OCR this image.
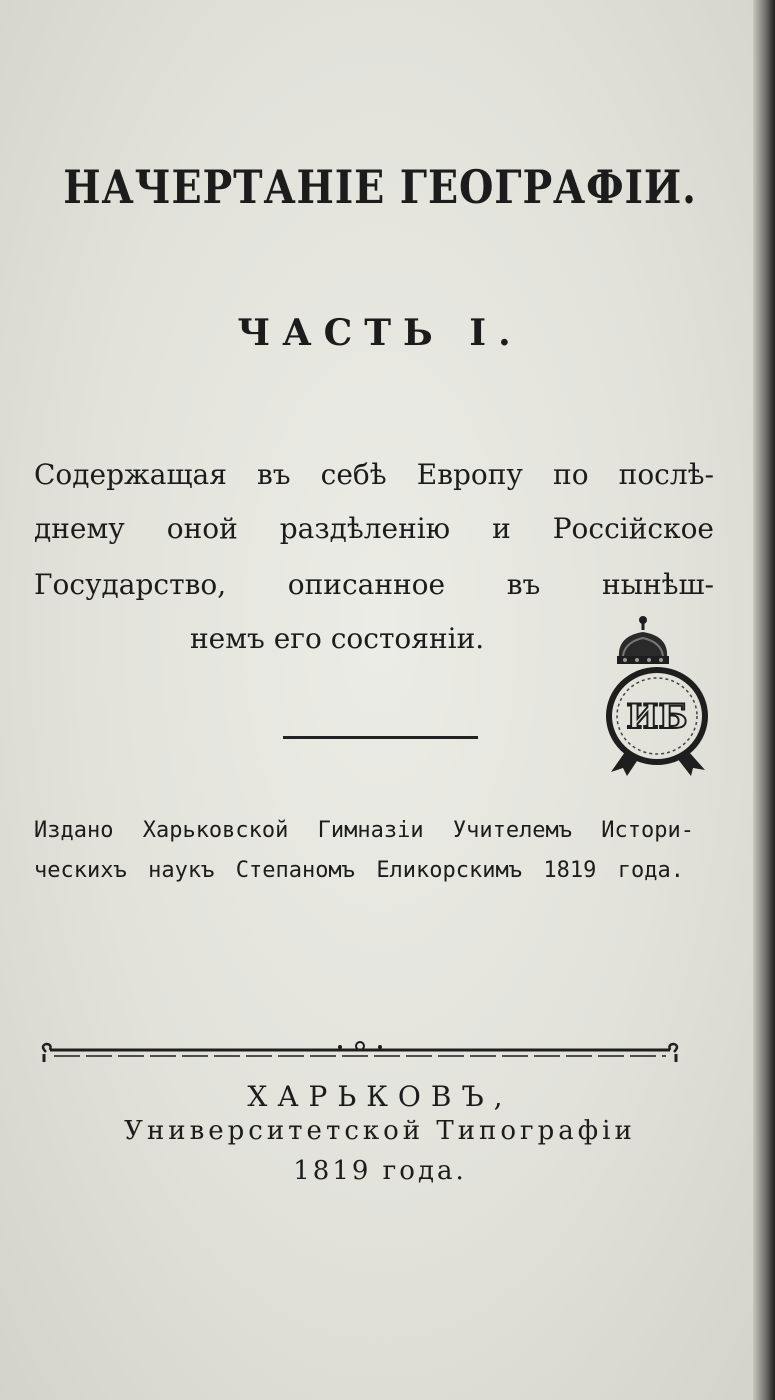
НАЧЕРТАНІЕ ГЕОГРАФІИ.
ЧАСТЬ I.
Содержащая въ себѣ Европу по послѣ-
днему оной раздѣленію и Россійское
Государство, описанное въ нынѣш-
немъ его состояніи.
ИБ
Издано Харьковской Гимназіи Учителемъ Истори-
ческихъ наукъ Степаномъ Еликорскимъ 1819 года.
ХАРЬКОВЪ,
Университетской Типографіи
1819 года.
